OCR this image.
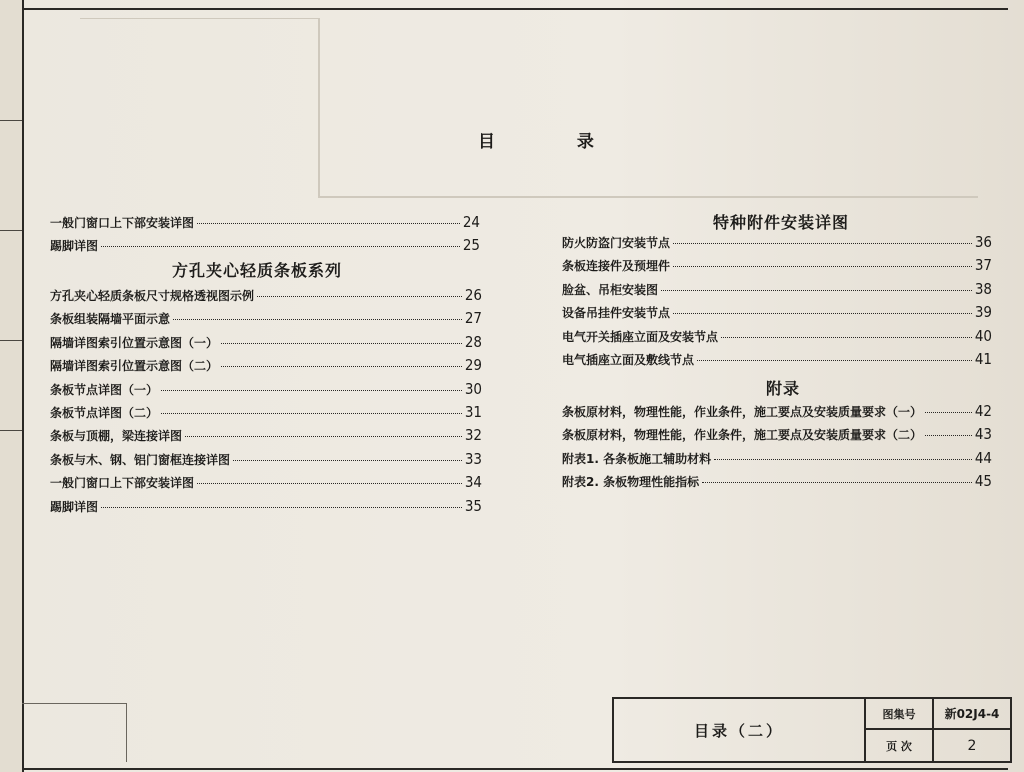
目 录
一般门窗口上下部安装详图	24
踢脚详图	25
方孔夹心轻质条板系列
方孔夹心轻质条板尺寸规格透视图示例	26
条板组装隔墙平面示意	27
隔墙详图索引位置示意图（一）	28
隔墙详图索引位置示意图（二）	29
条板节点详图（一）	30
条板节点详图（二）	31
条板与顶棚，梁连接详图	32
条板与木、钢、铝门窗框连接详图	33
一般门窗口上下部安装详图	34
踢脚详图	35
特种附件安装详图
防火防盗门安装节点	36
条板连接件及预埋件	37
脸盆、吊柜安装图	38
设备吊挂件安装节点	39
电气开关插座立面及安装节点	40
电气插座立面及敷线节点	41
附录
条板原材料，物理性能，作业条件，施工要点及安装质量要求（一）	42
条板原材料，物理性能，作业条件，施工要点及安装质量要求（二）	43
附表1. 各条板施工辅助材料	44
附表2. 条板物理性能指标	45
目录（二）
图集号	新02J4-4
页 次	2
